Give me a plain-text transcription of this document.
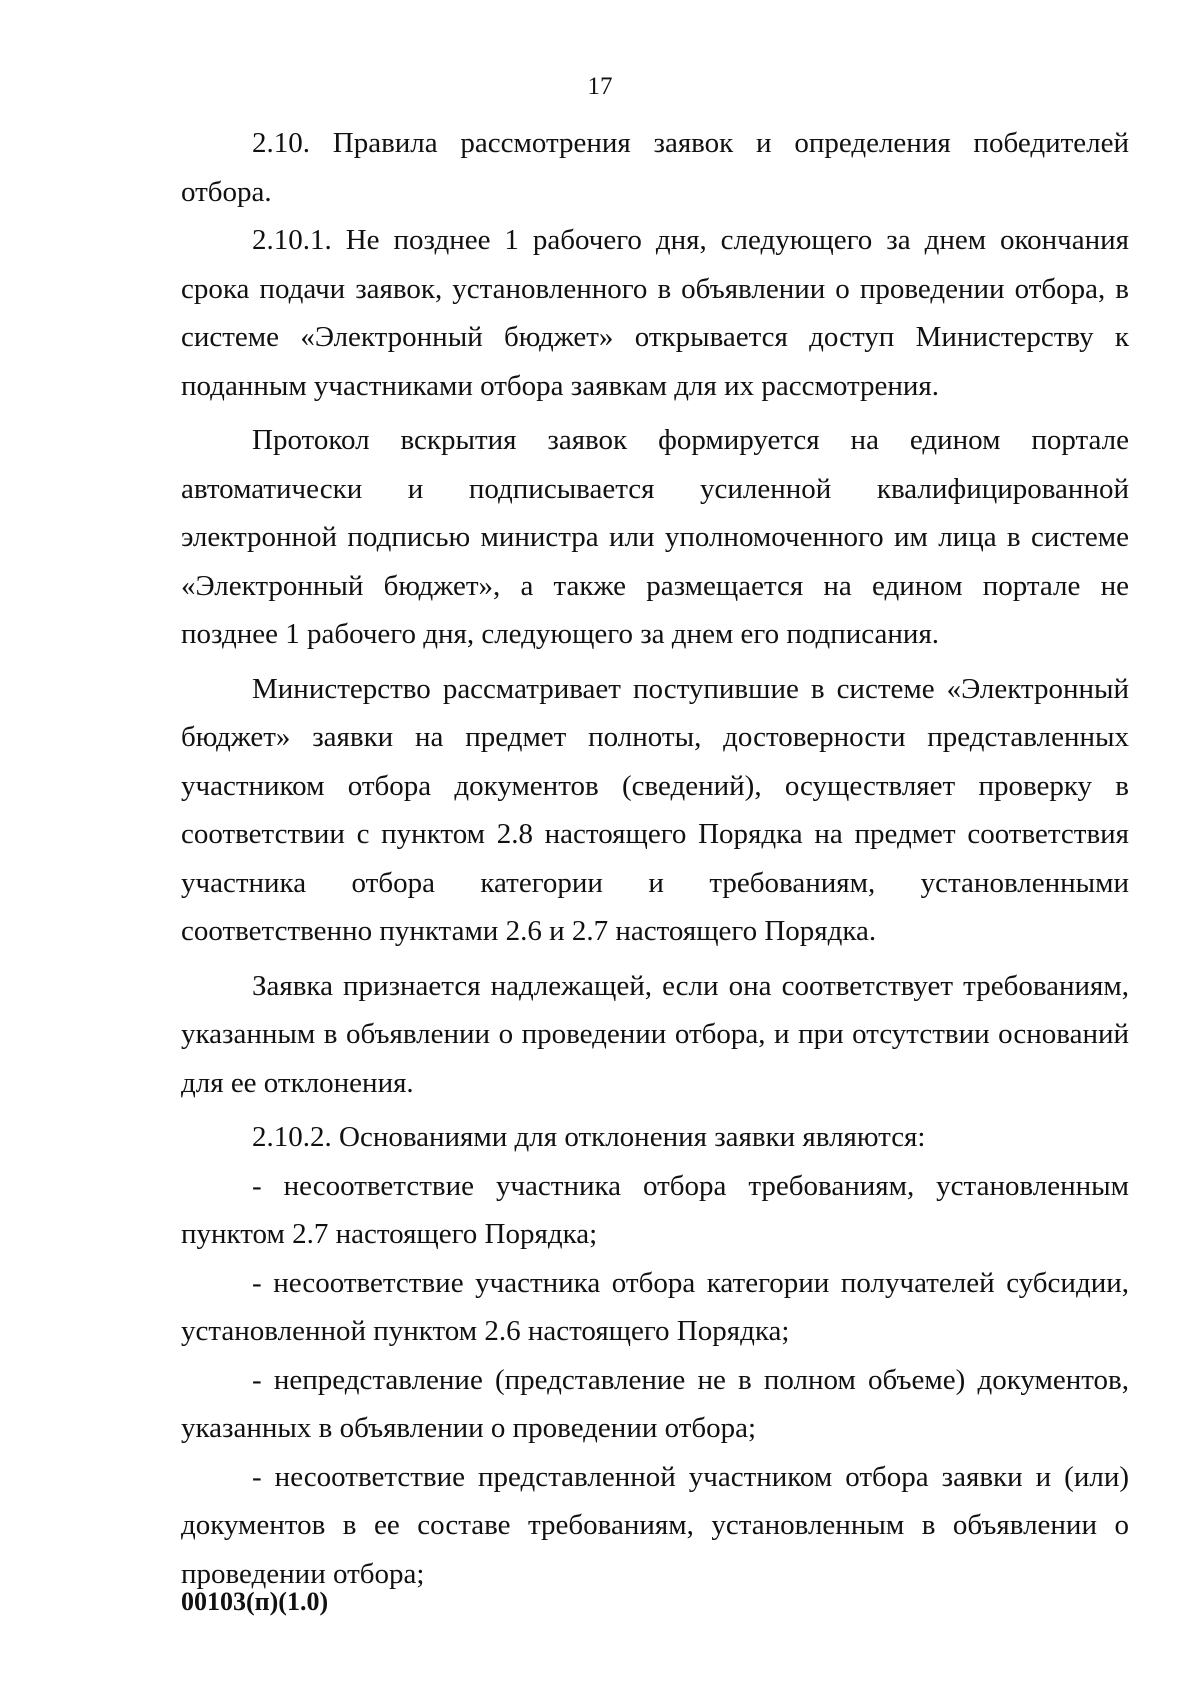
17

2.10. Правила рассмотрения заявок и определения победителей отбора.

2.10.1. Не позднее 1 рабочего дня, следующего за днем окончания срока подачи заявок, установленного в объявлении о проведении отбора, в системе «Электронный бюджет» открывается доступ Министерству к поданным участниками отбора заявкам для их рассмотрения.

Протокол вскрытия заявок формируется на едином портале автоматически и подписывается усиленной квалифицированной электронной подписью министра или уполномоченного им лица в системе «Электронный бюджет», а также размещается на едином портале не позднее 1 рабочего дня, следующего за днем его подписания.

Министерство рассматривает поступившие в системе «Электронный бюджет» заявки на предмет полноты, достоверности представленных участником отбора документов (сведений), осуществляет проверку в соответствии с пунктом 2.8 настоящего Порядка на предмет соответствия участника отбора категории и требованиям, установленными соответственно пунктами 2.6 и 2.7 настоящего Порядка.

Заявка признается надлежащей, если она соответствует требованиям, указанным в объявлении о проведении отбора, и при отсутствии оснований для ее отклонения.

2.10.2. Основаниями для отклонения заявки являются:

- несоответствие участника отбора требованиям, установленным пунктом 2.7 настоящего Порядка;

- несоответствие участника отбора категории получателей субсидии, установленной пунктом 2.6 настоящего Порядка;

- непредставление (представление не в полном объеме) документов, указанных в объявлении о проведении отбора;

- несоответствие представленной участником отбора заявки и (или) документов в ее составе требованиям, установленным в объявлении о проведении отбора;

00103(п)(1.0)
